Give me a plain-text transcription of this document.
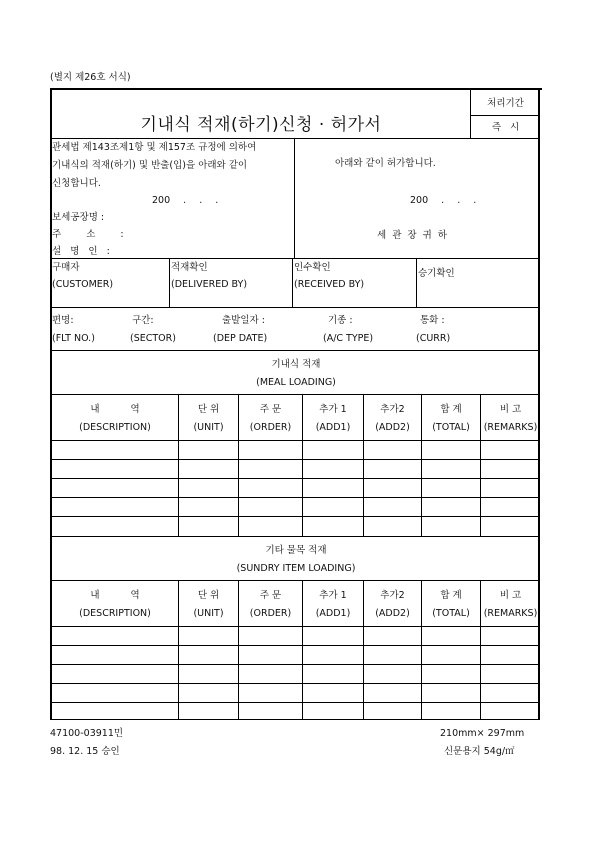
(별지 제26호 서식)
기내식 적재(하기)신청 · 허가서
처리기간
즉 시
관세법 제143조제1항 및 제157조 규정에 의하여
기내식의 적재(하기) 및 반출(입)을 아래와 같이
신청합니다.
200 . . .
보세공장명 :
주 소 :
설 명 인 :
아래와 같이 허가합니다.
200 . . .
세 관 장 귀 하
구매자
(CUSTOMER)
적재확인
(DELIVERED BY)
인수확인
(RECEIVED BY)
승기확인
편명:
(FLT NO.)
구간:
(SECTOR)
출발일자 :
(DEP DATE)
기종 :
(A/C TYPE)
통화 :
(CURR)
기내식 적재
(MEAL LOADING)
내 역
(DESCRIPTION)
단 위
(UNIT)
주 문
(ORDER)
추가 1
(ADD1)
추가2
(ADD2)
합 계
(TOTAL)
비 고
(REMARKS)
기타 물목 적재
(SUNDRY ITEM LOADING)
내 역
(DESCRIPTION)
단 위
(UNIT)
주 문
(ORDER)
추가 1
(ADD1)
추가2
(ADD2)
합 계
(TOTAL)
비 고
(REMARKS)
47100-03911민
98. 12. 15 승인
210mm× 297mm
신문용지 54g/㎡
